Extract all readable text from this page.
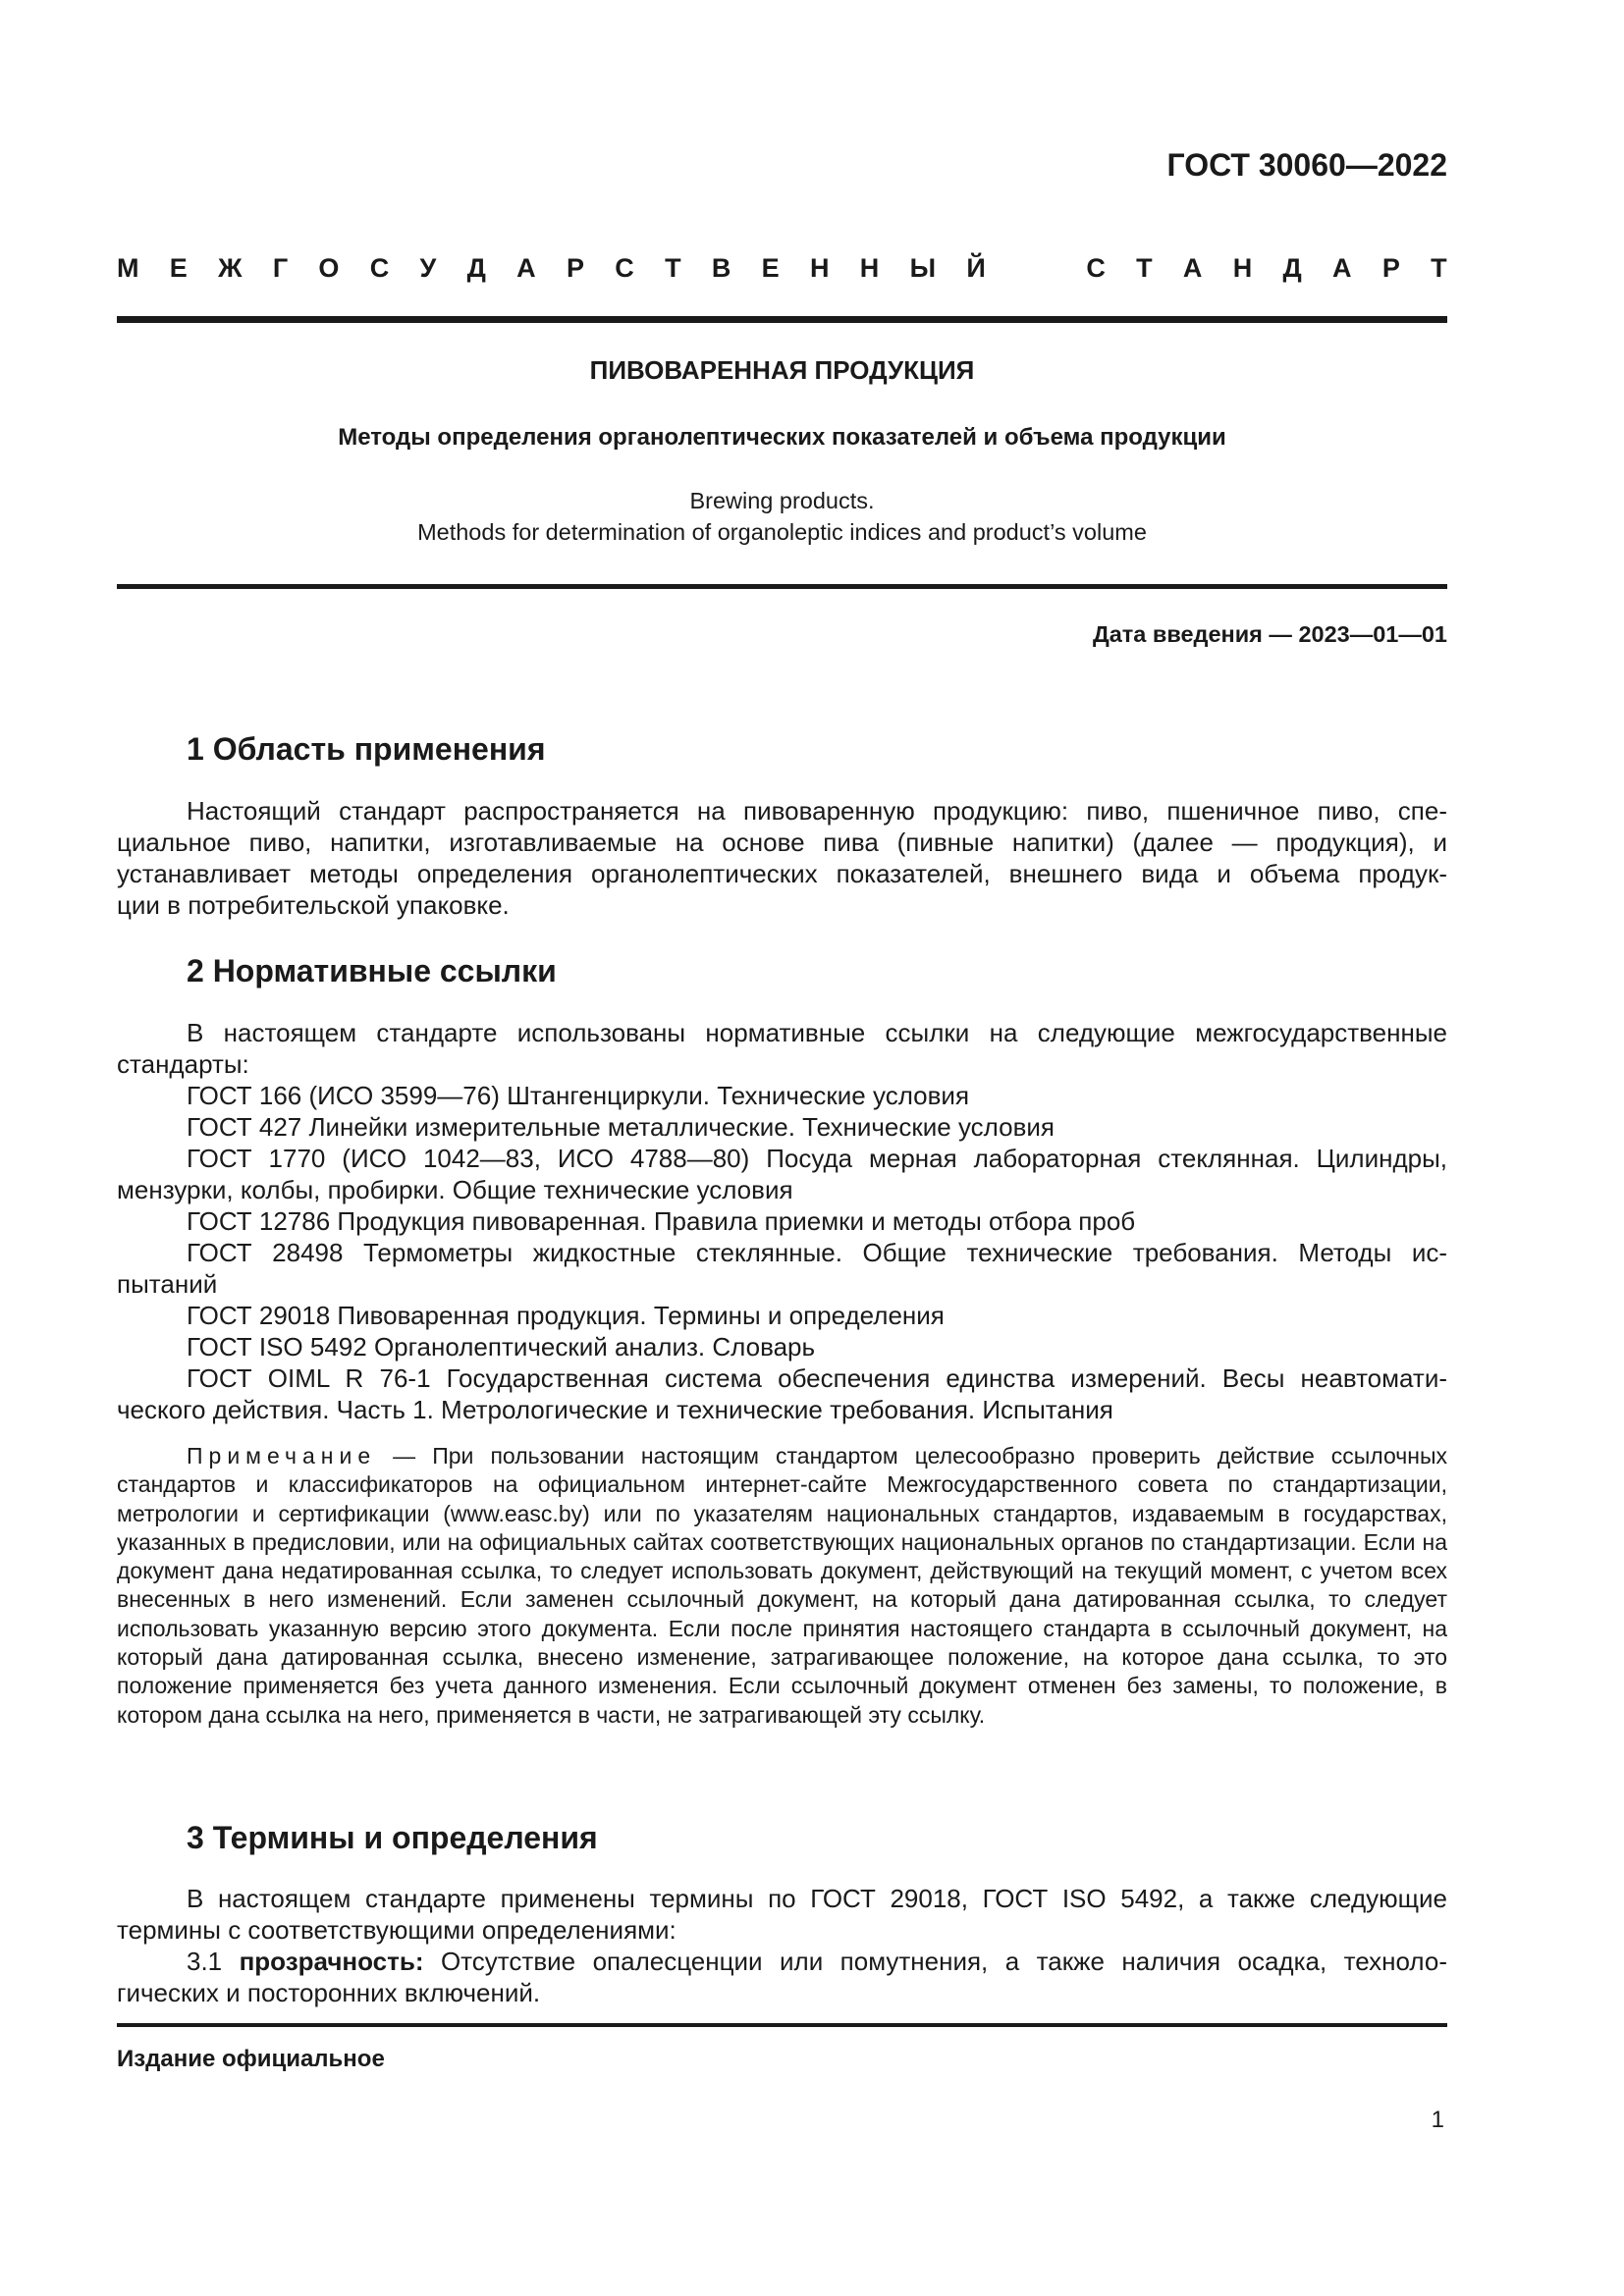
ГОСТ 30060—2022
М Е Ж Г О С У Д А Р С Т В Е Н Н Ы Й	С Т А Н Д А Р Т
ПИВОВАРЕННАЯ ПРОДУКЦИЯ
Методы определения органолептических показателей и объема продукции
Brewing products.
Methods for determination of organoleptic indices and product’s volume
Дата введения — 2023—01—01
1 Область применения
Настоящий стандарт распространяется на пивоваренную продукцию: пиво, пшеничное пиво, спе-
циальное пиво, напитки, изготавливаемые на основе пива (пивные напитки) (далее — продукция), и
устанавливает методы определения органолептических показателей, внешнего вида и объема продук-
ции в потребительской упаковке.
2 Нормативные ссылки
В настоящем стандарте использованы нормативные ссылки на следующие межгосударственные
стандарты:
ГОСТ 166 (ИСО 3599—76) Штангенциркули. Технические условия
ГОСТ 427 Линейки измерительные металлические. Технические условия
ГОСТ 1770 (ИСО 1042—83, ИСО 4788—80) Посуда мерная лабораторная стеклянная. Цилиндры,
мензурки, колбы, пробирки. Общие технические условия
ГОСТ 12786 Продукция пивоваренная. Правила приемки и методы отбора проб
ГОСТ 28498 Термометры жидкостные стеклянные. Общие технические требования. Методы ис-
пытаний
ГОСТ 29018 Пивоваренная продукция. Термины и определения
ГОСТ ISO 5492 Органолептический анализ. Словарь
ГОСТ OIML R 76-1 Государственная система обеспечения единства измерений. Весы неавтомати-
ческого действия. Часть 1. Метрологические и технические требования. Испытания
Примечание — При пользовании настоящим стандартом целесообразно проверить действие ссылочных стандартов и классификаторов на официальном интернет-сайте Межгосударственного совета по стандартизации, метрологии и сертификации (www.easc.by) или по указателям национальных стандартов, издаваемым в государствах, указанных в предисловии, или на официальных сайтах соответствующих национальных органов по стандартизации. Если на документ дана недатированная ссылка, то следует использовать документ, действующий на текущий момент, с учетом всех внесенных в него изменений. Если заменен ссылочный документ, на который дана датированная ссылка, то следует использовать указанную версию этого документа. Если после принятия настоящего стандарта в ссылочный документ, на который дана датированная ссылка, внесено изменение, затрагивающее положение, на которое дана ссылка, то это положение применяется без учета данного изменения. Если ссылочный документ отменен без замены, то положение, в котором дана ссылка на него, применяется в части, не затрагивающей эту ссылку.
3 Термины и определения
В настоящем стандарте применены термины по ГОСТ 29018, ГОСТ ISO 5492, а также следующие
термины с соответствующими определениями:
3.1 прозрачность: Отсутствие опалесценции или помутнения, а также наличия осадка, техноло-
гических и посторонних включений.
Издание официальное
1
